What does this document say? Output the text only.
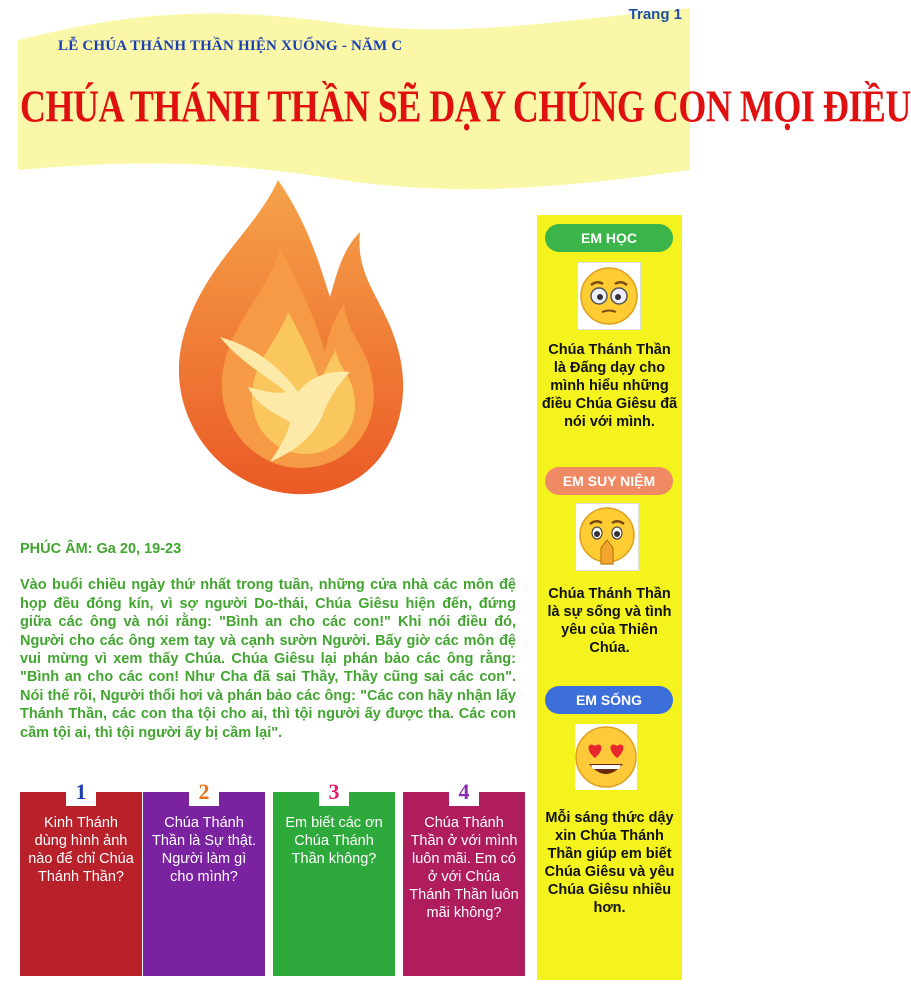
Trang 1
LỄ CHÚA THÁNH THẦN HIỆN XUỐNG - NĂM C
CHÚA THÁNH THẦN SẼ DẠY CHÚNG CON MỌI ĐIỀU

PHÚC ÂM: Ga 20, 19-23

Vào buổi chiều ngày thứ nhất trong tuần, những cửa nhà các môn đệ họp đều đóng kín, vì sợ người Do-thái, Chúa Giêsu hiện đến, đứng giữa các ông và nói rằng: "Bình an cho các con!" Khi nói điều đó, Người cho các ông xem tay và cạnh sườn Người. Bấy giờ các môn đệ vui mừng vì xem thấy Chúa. Chúa Giêsu lại phán bảo các ông rằng: "Bình an cho các con! Như Cha đã sai Thầy, Thầy cũng sai các con". Nói thế rồi, Người thổi hơi và phán bảo các ông: "Các con hãy nhận lấy Thánh Thần, các con tha tội cho ai, thì tội người ấy được tha. Các con cầm tội ai, thì tội người ấy bị cầm lại".

EM HỌC
Chúa Thánh Thần là Đấng dạy cho mình hiểu những điều Chúa Giêsu đã nói với mình.
EM SUY NIỆM
Chúa Thánh Thần là sự sống và tình yêu của Thiên Chúa.
EM SỐNG
Mỗi sáng thức dậy xin Chúa Thánh Thần giúp em biết Chúa Giêsu và yêu Chúa Giêsu nhiều hơn.
1
Kinh Thánh dùng hình ảnh nào để chỉ Chúa Thánh Thần?
2
Chúa Thánh Thần là Sự thật. Người làm gì cho mình?
3
Em biết các ơn Chúa Thánh Thần không?
4
Chúa Thánh Thần ở với mình luôn mãi. Em có ở với Chúa Thánh Thần luôn mãi không?
